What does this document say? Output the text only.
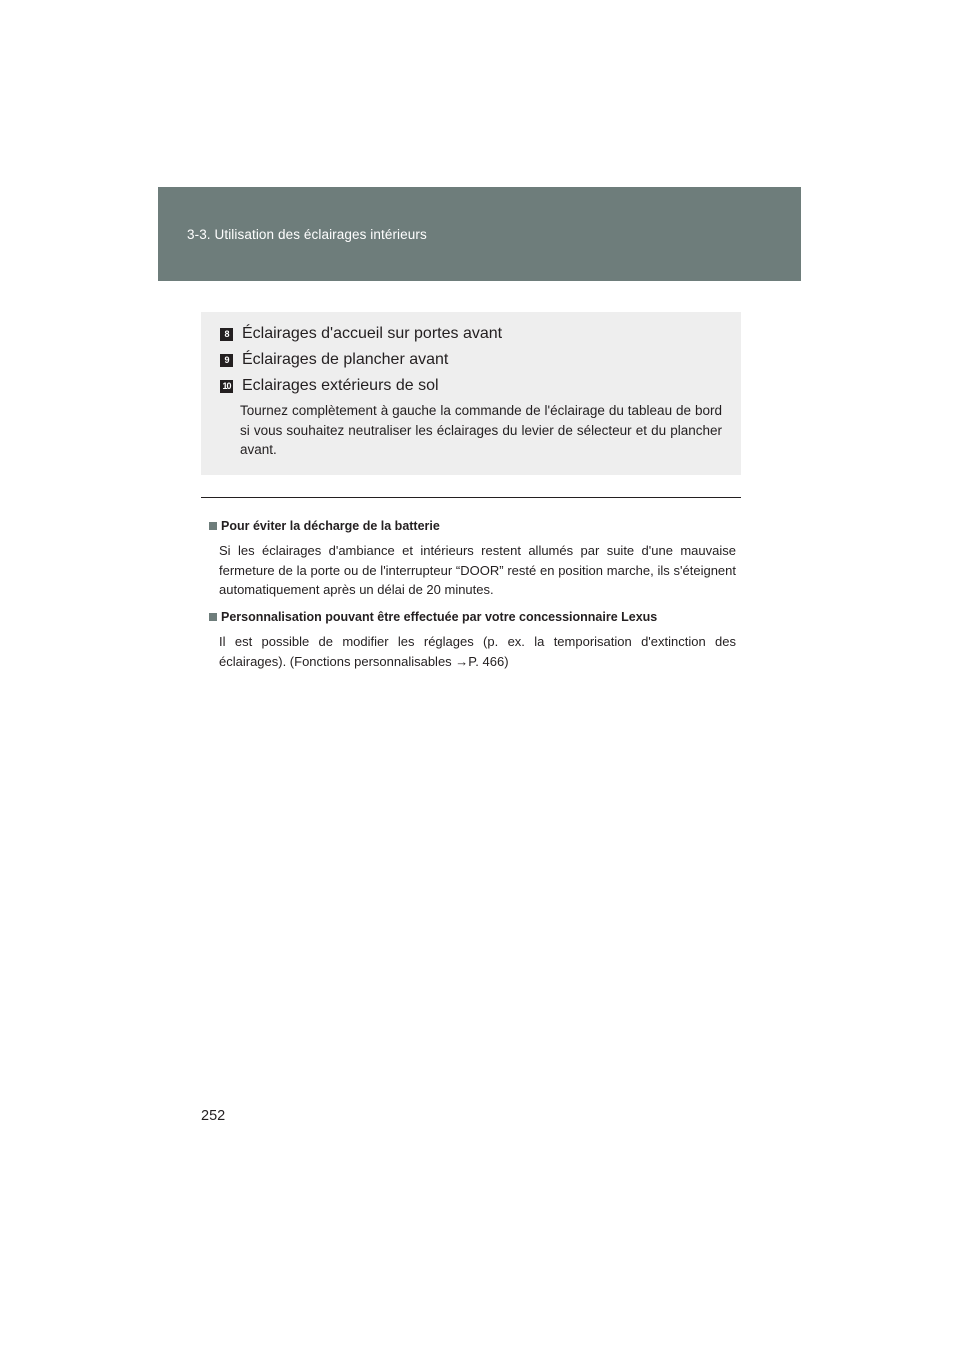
3-3. Utilisation des éclairages intérieurs
8 Éclairages d'accueil sur portes avant
9 Éclairages de plancher avant
10 Eclairages extérieurs de sol
Tournez complètement à gauche la commande de l'éclairage du tableau de bord si vous souhaitez neutraliser les éclairages du levier de sélecteur et du plancher avant.
Pour éviter la décharge de la batterie
Si les éclairages d'ambiance et intérieurs restent allumés par suite d'une mauvaise fermeture de la porte ou de l'interrupteur “DOOR” resté en position marche, ils s'éteignent automatiquement après un délai de 20 minutes.
Personnalisation pouvant être effectuée par votre concessionnaire Lexus
Il est possible de modifier les réglages (p. ex. la temporisation d'extinction des éclairages). (Fonctions personnalisables →P. 466)
252
